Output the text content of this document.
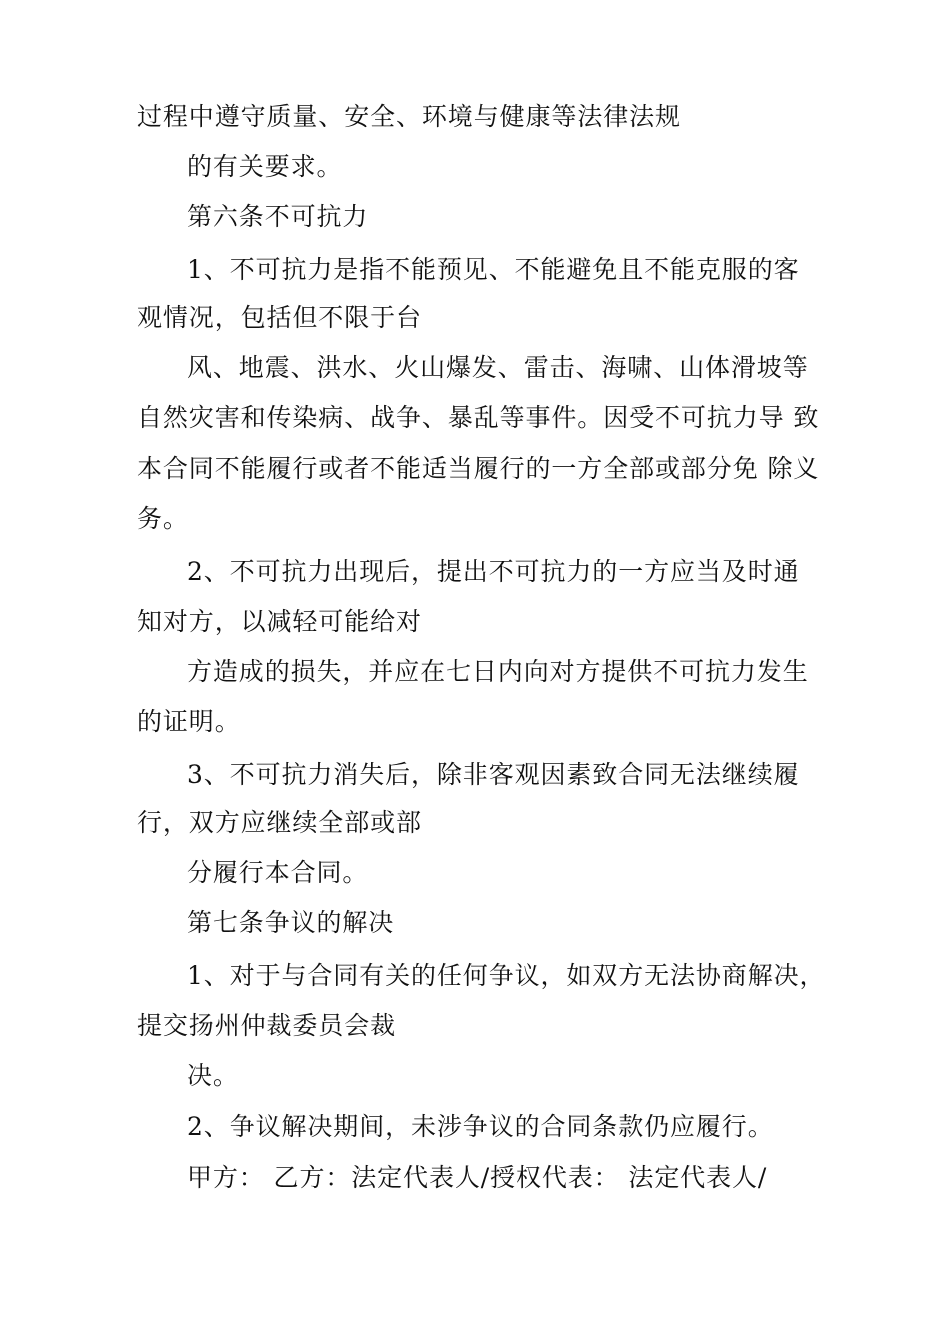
过程中遵守质量、安全、环境与健康等法律法规
的有关要求。
第六条不可抗力
1、不可抗力是指不能预见、不能避免且不能克服的客
观情况，包括但不限于台
风、地震、洪水、火山爆发、雷击、海啸、山体滑坡等
自然灾害和传染病、战争、暴乱等事件。因受不可抗力导 致
本合同不能履行或者不能适当履行的一方全部或部分免 除义
务。
2、不可抗力出现后，提出不可抗力的一方应当及时通
知对方，以减轻可能给对
方造成的损失，并应在七日内向对方提供不可抗力发生
的证明。
3、不可抗力消失后，除非客观因素致合同无法继续履
行，双方应继续全部或部
分履行本合同。
第七条争议的解决
1、对于与合同有关的任何争议，如双方无法协商解决，
提交扬州仲裁委员会裁
决。
2、争议解决期间，未涉争议的合同条款仍应履行。
甲方： 乙方：法定代表人/授权代表： 法定代表人/
